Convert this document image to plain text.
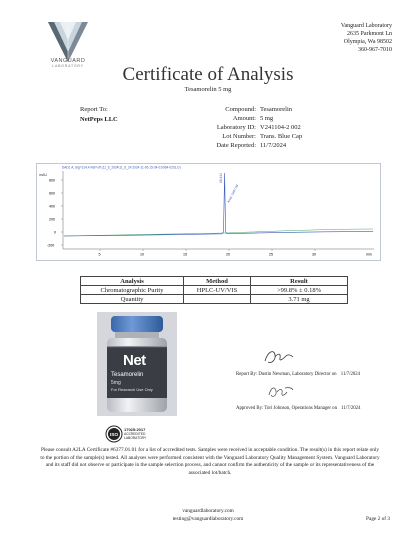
VANGUARD
LABORATORY
Vanguard Laboratory
2635 Parkmont Ln
Olympia, Wa 98502
360-967-7010
Certificate of Analysis
Tesamorelin 5 mg
Report To:
NetPeps LLC
Compound: Tesamorelin
Amount: 5 mg
Laboratory ID: V241104-2 002
Lot Number: Trans. Blue Cap
Date Reported: 11/7/2024
DAD1 A, Sig=214,4 Ref=off (11_6_2024\11_6_24 2024-11-06 15-34-01\064-0201.D)
mAU
800
600
400
200
0
-200
5	10	15	20	25	30	min
18.444
Area: 3407.09
Analysis	Method	Result
Chromatographic Purity	HPLC-UV/VIS	>99.8% ± 0.18%
Quantity		3.71 mg
Net
Tesamorelin
5mg
For Research Use Only
Report By: Dustin Newman, Laboratory Director on 11/7/2024
Approved By: Tori Johnson, Operations Manager on 11/7/2024
ISO
17025:2017
ACCREDITED
LABORATORY
Please consult A2LA Certificate #6377.01.01 for a list of accredited tests. Samples were received in acceptable condition. The result(s) in this report relate only to the portion of the sample(s) tested. All analyses were performed consistent with the Vanguard Laboratory Quality Management System. Vanguard Laboratory and its staff did not observe or participate in the sample selection process, and cannot confirm the authenticity of the sample or its representativeness of the associated lot/batch.
vanguardlaboratory.com
testing@vanguardlaboratory.com	Page 2 of 3
